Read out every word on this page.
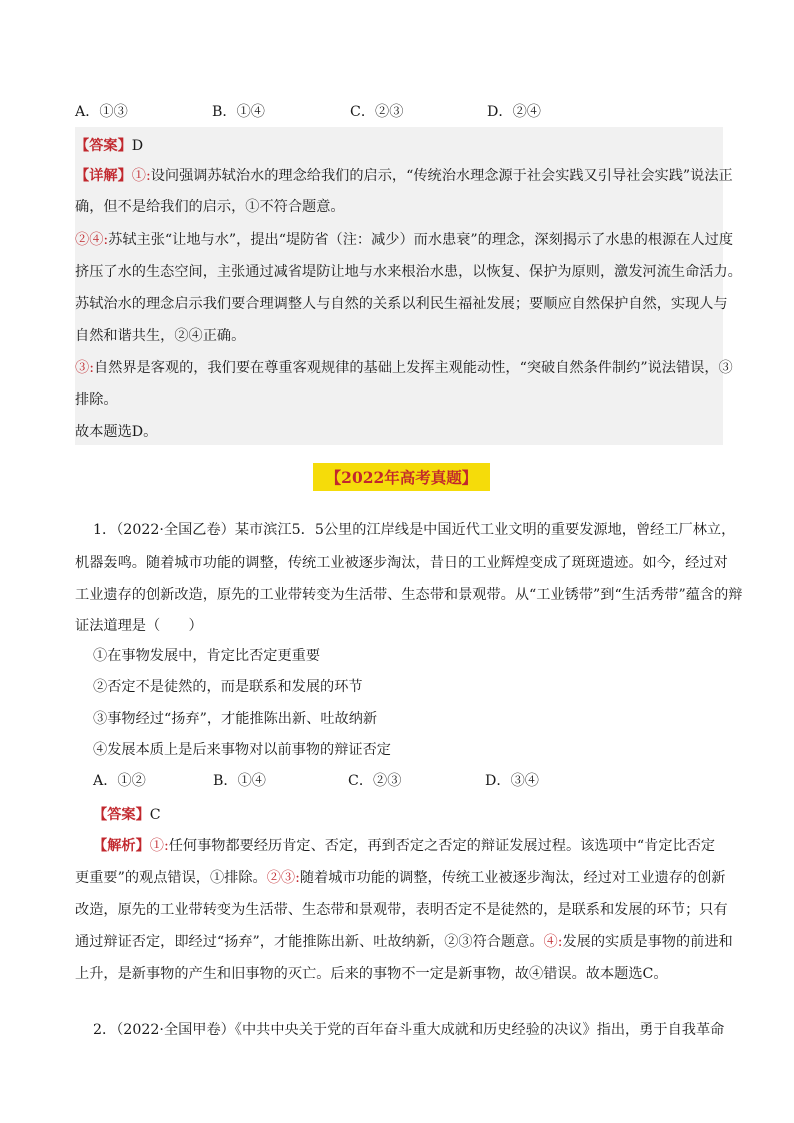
A．①③	B．①④	C．②③	D．②④
【答案】D
【详解】①:设问强调苏轼治水的理念给我们的启示，“传统治水理念源于社会实践又引导社会实践”说法正
确，但不是给我们的启示，①不符合题意。
②④:苏轼主张“让地与水”，提出“堤防省（注：减少）而水患衰”的理念，深刻揭示了水患的根源在人过度
挤压了水的生态空间，主张通过减省堤防让地与水来根治水患，以恢复、保护为原则，激发河流生命活力。
苏轼治水的理念启示我们要合理调整人与自然的关系以利民生福祉发展；要顺应自然保护自然，实现人与
自然和谐共生，②④正确。
③:自然界是客观的，我们要在尊重客观规律的基础上发挥主观能动性，“突破自然条件制约”说法错误，③
排除。
故本题选D。
【2022年高考真题】
1．（2022·全国乙卷）某市滨江5．5公里的江岸线是中国近代工业文明的重要发源地，曾经工厂林立，
机器轰鸣。随着城市功能的调整，传统工业被逐步淘汰，昔日的工业辉煌变成了斑斑遗迹。如今，经过对
工业遗存的创新改造，原先的工业带转变为生活带、生态带和景观带。从“工业锈带”到“生活秀带”蕴含的辩
证法道理是（　　）
①在事物发展中，肯定比否定更重要
②否定不是徒然的，而是联系和发展的环节
③事物经过“扬弃”，才能推陈出新、吐故纳新
④发展本质上是后来事物对以前事物的辩证否定
A．①②	B．①④	C．②③	D．③④
【答案】C
【解析】①:任何事物都要经历肯定、否定，再到否定之否定的辩证发展过程。该选项中“肯定比否定
更重要”的观点错误，①排除。②③:随着城市功能的调整，传统工业被逐步淘汰，经过对工业遗存的创新
改造，原先的工业带转变为生活带、生态带和景观带，表明否定不是徒然的，是联系和发展的环节；只有
通过辩证否定，即经过“扬弃”，才能推陈出新、吐故纳新，②③符合题意。④:发展的实质是事物的前进和
上升，是新事物的产生和旧事物的灭亡。后来的事物不一定是新事物，故④错误。故本题选C。
2．（2022·全国甲卷）《中共中央关于党的百年奋斗重大成就和历史经验的决议》指出，勇于自我革命
